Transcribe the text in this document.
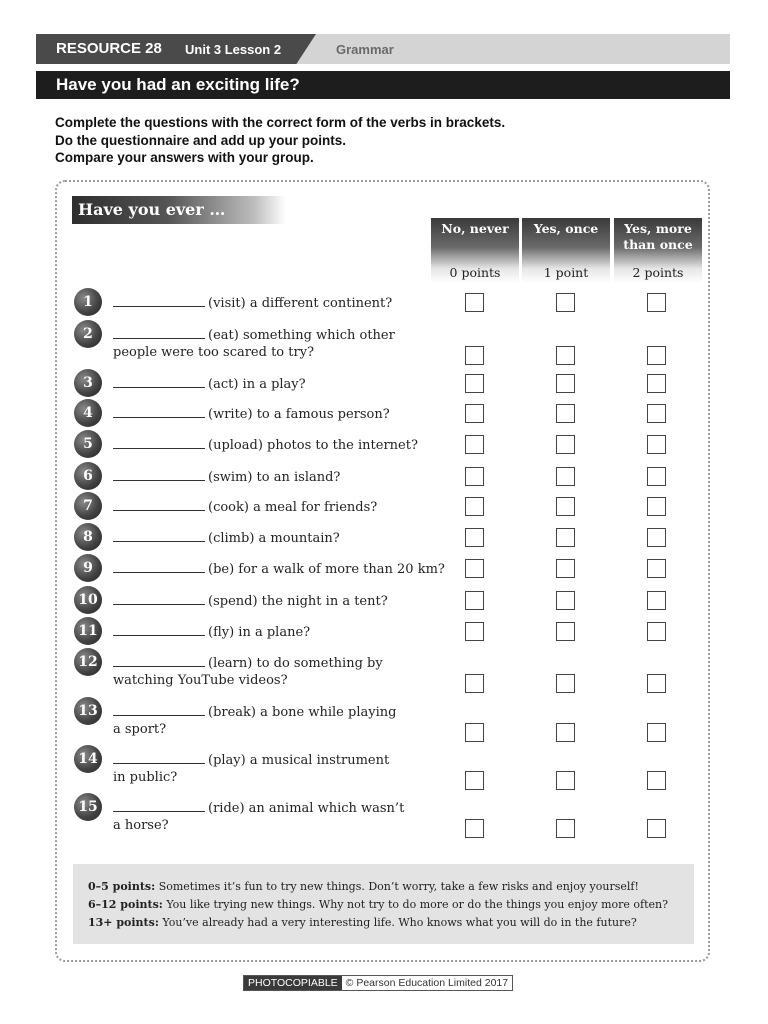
RESOURCE 28 Unit 3 Lesson 2	Grammar
Have you had an exciting life?
Complete the questions with the correct form of the verbs in brackets.
Do the questionnaire and add up your points.
Compare your answers with your group.
Have you ever …
No, never
0 points
Yes, once
1 point
Yes, more than once
2 points
1	(visit) a different continent?
2	(eat) something which other
people were too scared to try?
3	(act) in a play?
4	(write) to a famous person?
5	(upload) photos to the internet?
6	(swim) to an island?
7	(cook) a meal for friends?
8	(climb) a mountain?
9	(be) for a walk of more than 20 km?
10	(spend) the night in a tent?
11	(fly) in a plane?
12	(learn) to do something by
watching YouTube videos?
13	(break) a bone while playing
a sport?
14	(play) a musical instrument
in public?
15	(ride) an animal which wasn’t
a horse?
0–5 points: Sometimes it’s fun to try new things. Don’t worry, take a few risks and enjoy yourself!
6–12 points: You like trying new things. Why not try to do more or do the things you enjoy more often?
13+ points: You’ve already had a very interesting life. Who knows what you will do in the future?
PHOTOCOPIABLE © Pearson Education Limited 2017
